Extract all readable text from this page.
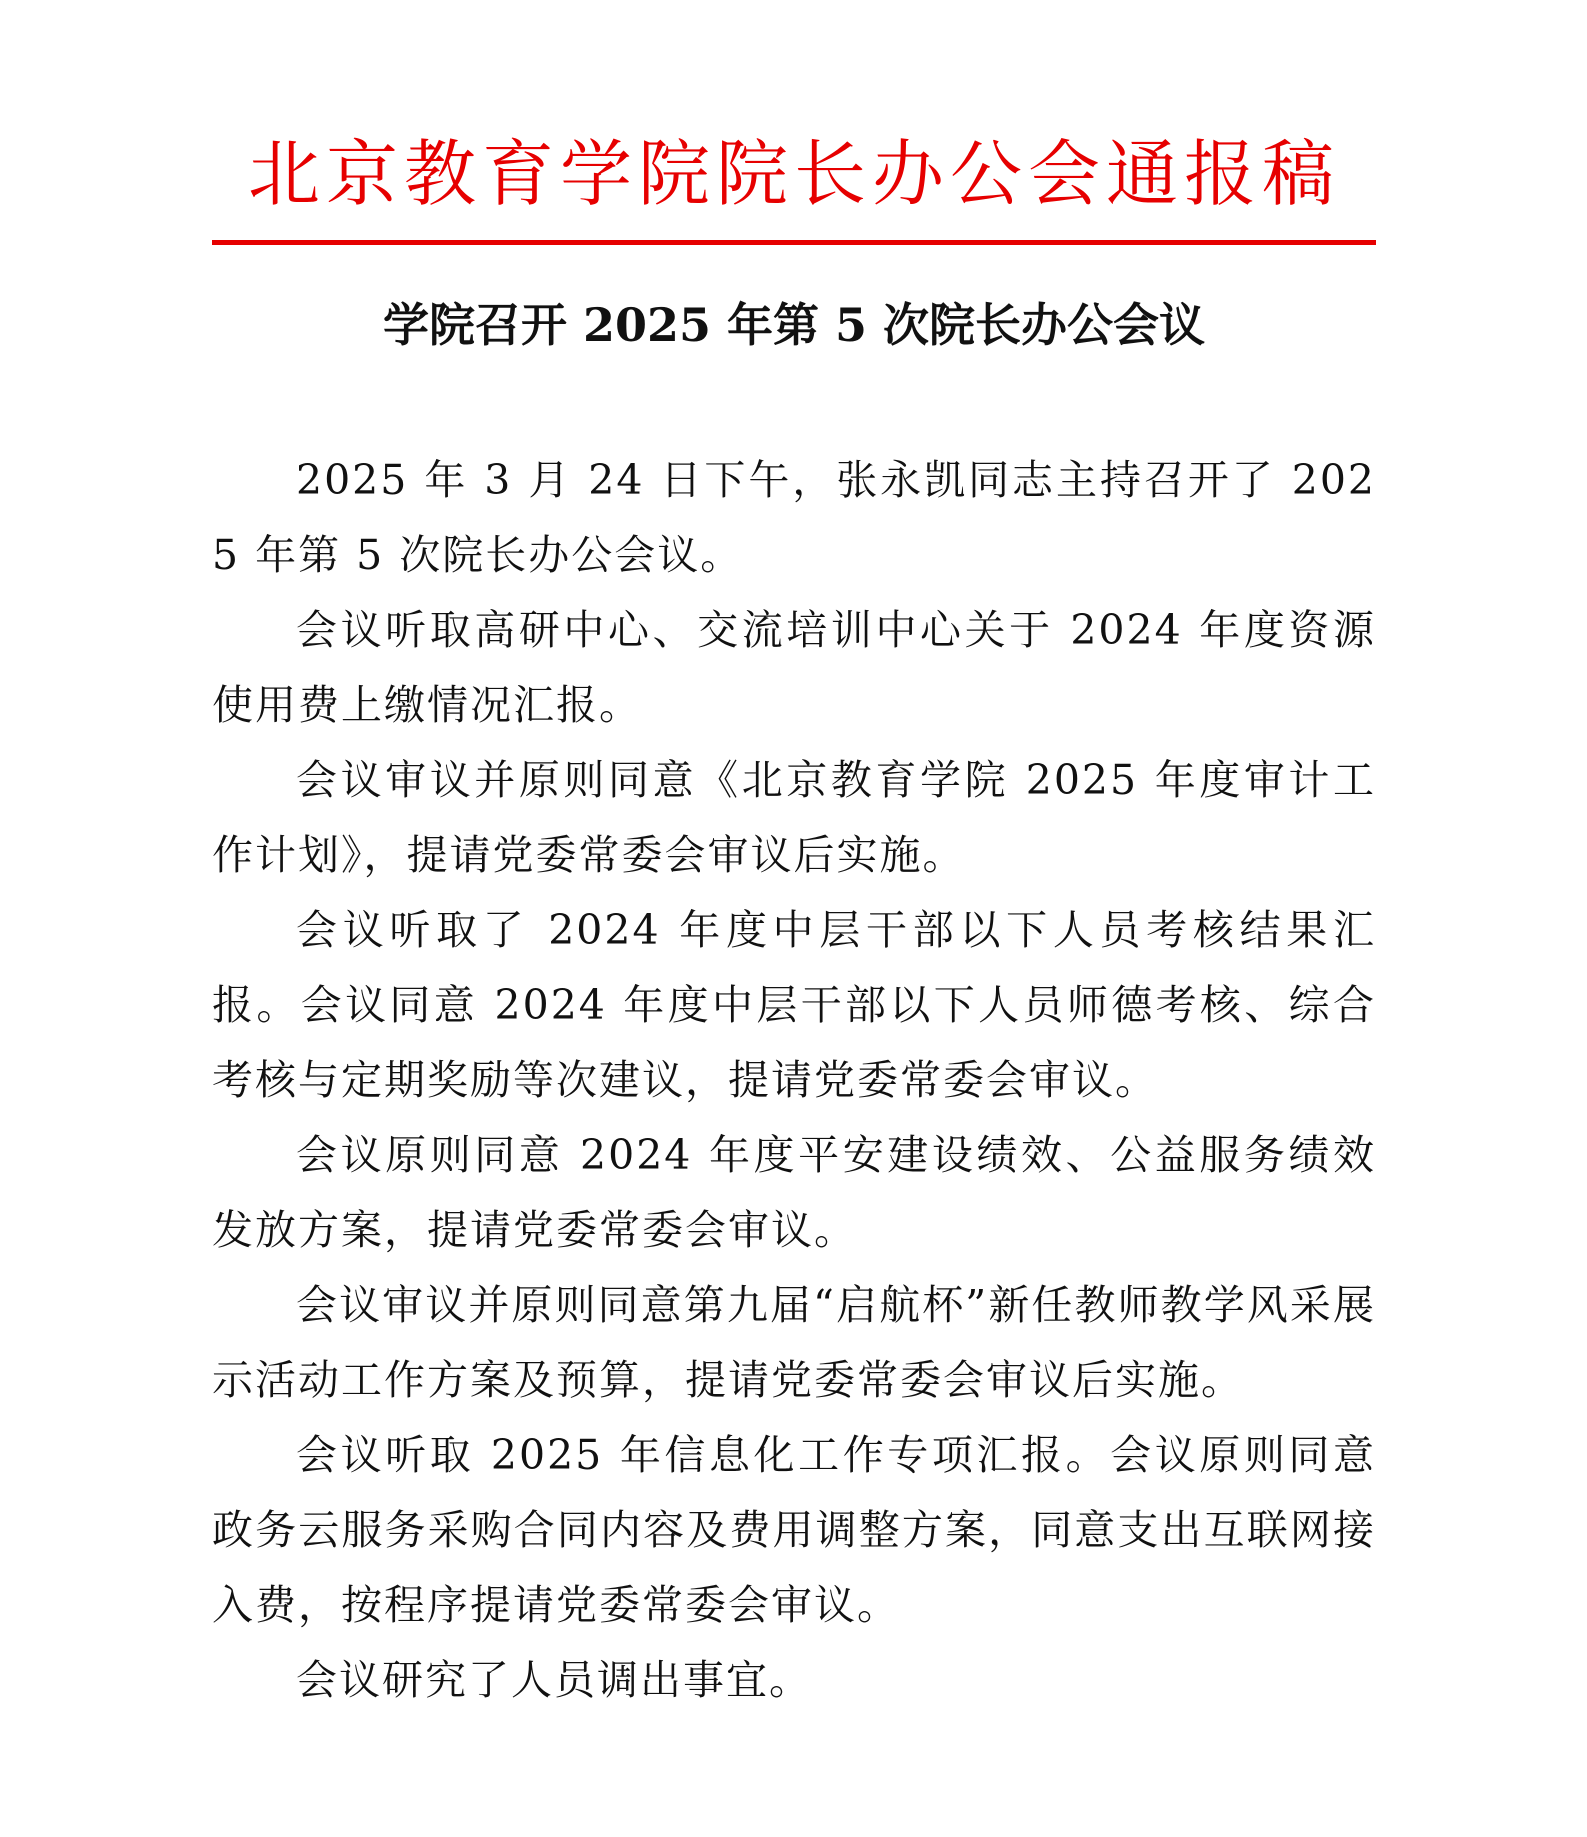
北京教育学院院长办公会通报稿
学院召开 2025 年第 5 次院长办公会议

2025 年 3 月 24 日下午，张永凯同志主持召开了 2025 年第 5 次院长办公会议。

会议听取高研中心、交流培训中心关于 2024 年度资源使用费上缴情况汇报。

会议审议并原则同意《北京教育学院 2025 年度审计工作计划》，提请党委常委会审议后实施。

会议听取了 2024 年度中层干部以下人员考核结果汇报。会议同意 2024 年度中层干部以下人员师德考核、综合考核与定期奖励等次建议，提请党委常委会审议。

会议原则同意 2024 年度平安建设绩效、公益服务绩效发放方案，提请党委常委会审议。

会议审议并原则同意第九届“启航杯”新任教师教学风采展示活动工作方案及预算，提请党委常委会审议后实施。

会议听取 2025 年信息化工作专项汇报。会议原则同意政务云服务采购合同内容及费用调整方案，同意支出互联网接入费，按程序提请党委常委会审议。

会议研究了人员调出事宜。
